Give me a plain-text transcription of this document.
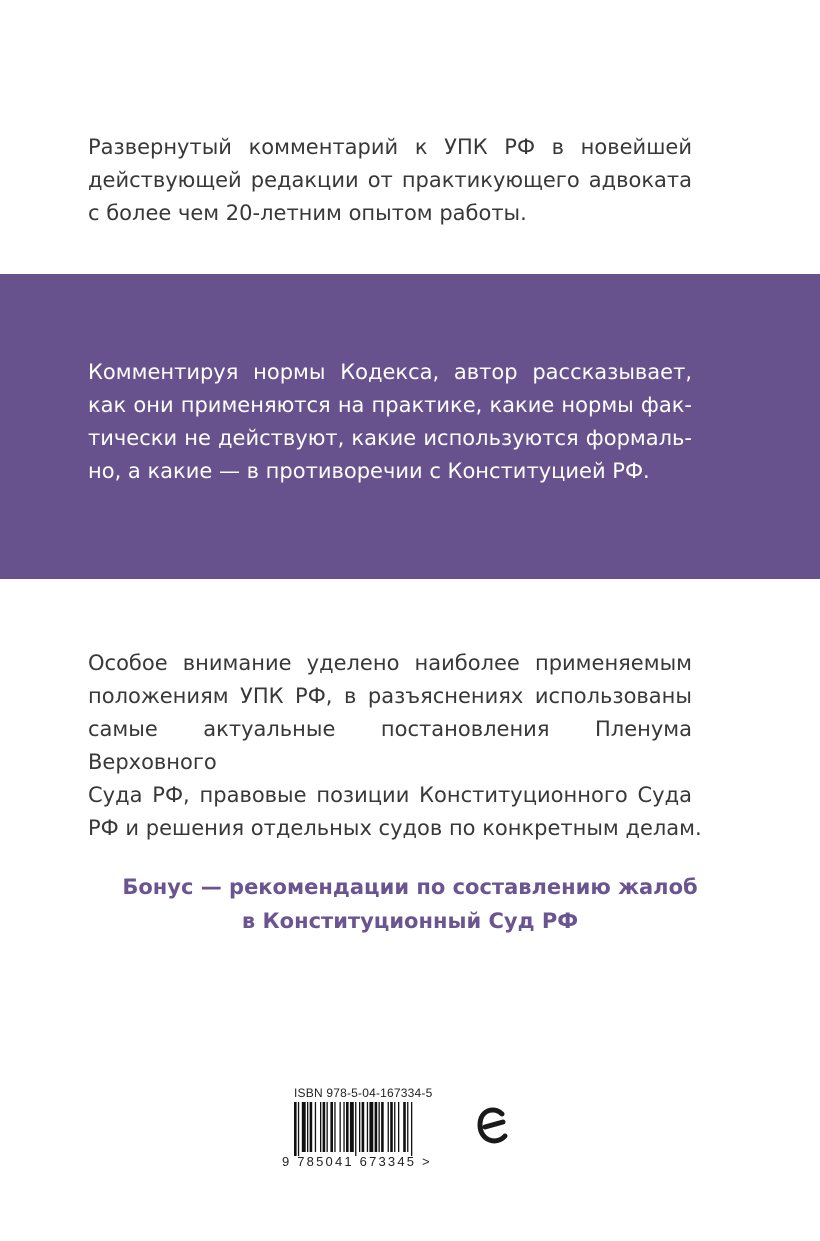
Развернутый комментарий к УПК РФ в новейшей
действующей редакции от практикующего адвоката
с более чем 20-летним опытом работы.
Комментируя нормы Кодекса, автор рассказывает,
как они применяются на практике, какие нормы фак-
тически не действуют, какие используются формаль-
но, а какие — в противоречии с Конституцией РФ.
Особое внимание уделено наиболее применяемым
положениям УПК РФ, в разъяснениях использованы
самые актуальные постановления Пленума Верховного
Суда РФ, правовые позиции Конституционного Суда
РФ и решения отдельных судов по конкретным делам.
Бонус — рекомендации по составлению жалоб
в Конституционный Суд РФ
ISBN 978-5-04-167334-5
9 785041 673345 >
